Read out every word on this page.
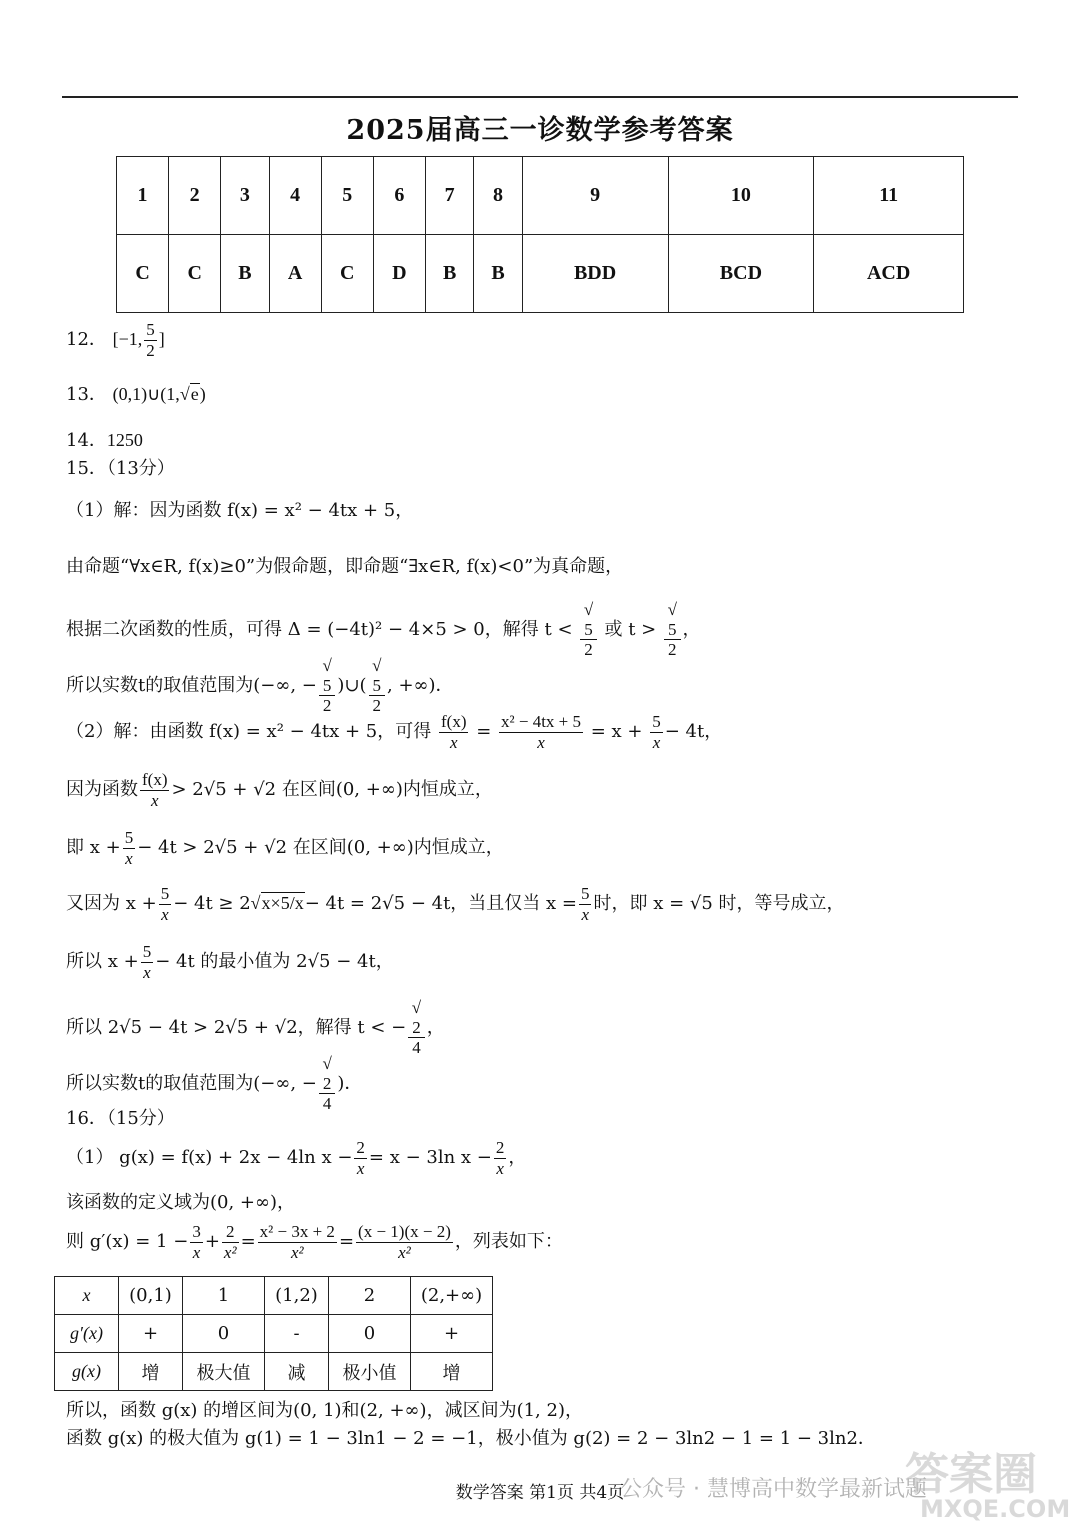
2025届高三一诊数学参考答案
1	2	3	4	5	6	7	8	9	10	11
C	C	B	A	C	D	B	B	BDD	BCD	ACD
12． [−1, $\frac{5}{2}$ ]
13． (0,1)∪(1,√e)
14．1250
15．（13分）
（1）解：因为函数 f(x) = x² − 4tx + 5，
由命题“∀x∈R, f(x)≥0”为假命题，即命题“∃x∈R, f(x)<0”为真命题，
根据二次函数的性质，可得 Δ = (−4t)² − 4×5 > 0，解得 t < √
5
2 或 t > √
5
2 ，
所以实数t的取值范围为(−∞, − √
5
2 )∪( √
5
2 , +∞)．
（2）解：由函数 f(x) = x² − 4tx + 5，可得 $\frac{f(x)}{x} = \frac{\text{x² − 4tx + 5}}{x} = x + \frac{5}{x} - 4t$，
因为函数 $\frac{f(x)}{x} > 2√5 + √2$ 在区间(0, +∞)内恒成立，
即 $x + \frac{5}{x} - 4t > 2√5 + √2$ 在区间(0, +∞)内恒成立，
又因为 $x + \frac{5}{x} - 4t \ge 2√x\times 5/x- 4t = 2√5 - 4t$，当且仅当 $x = \frac{5}{x}$ 时，即 x = √5 时，等号成立，
所以 $x + \frac{5}{x} - 4t$ 的最小值为 2√5 − 4t，
所以 2√5 − 4t > 2√5 + √2，解得 t < − √
2
4 ，
所以实数t的取值范围为(−∞, − √
2
4 )．
16．（15分）
（1） g(x) = f(x) + 2x − 4ln $x - \frac{2}{x} = x - 3\ln$ $x - \frac{2}{x}$ ，
该函数的定义域为(0, +∞)，
则 $g'(x) = 1 - \frac{3}{x} + \frac{2}{\text{x²}} = \frac{\text{x² − 3x + 2}}{\text{x²}} = \frac{(x - 1)(x - 2)}{\text{x²}}$ ，列表如下：
x	(0,1)	1	(1,2)	2	(2,+∞)
g′(x)	+	0	-	0	+
g(x)	增	极大值	减	极小值	增
所以，函数 g(x) 的增区间为(0, 1)和(2, +∞)，减区间为(1, 2)，
函数 g(x) 的极大值为 g(1) = 1 − 3ln1 − 2 = −1，极小值为 g(2) = 2 − 3ln2 − 1 = 1 − 3ln2．
数学答案 第1页 共4页
公众号 · 慧博高中数学最新试题
答案圈
MXQE.COM
